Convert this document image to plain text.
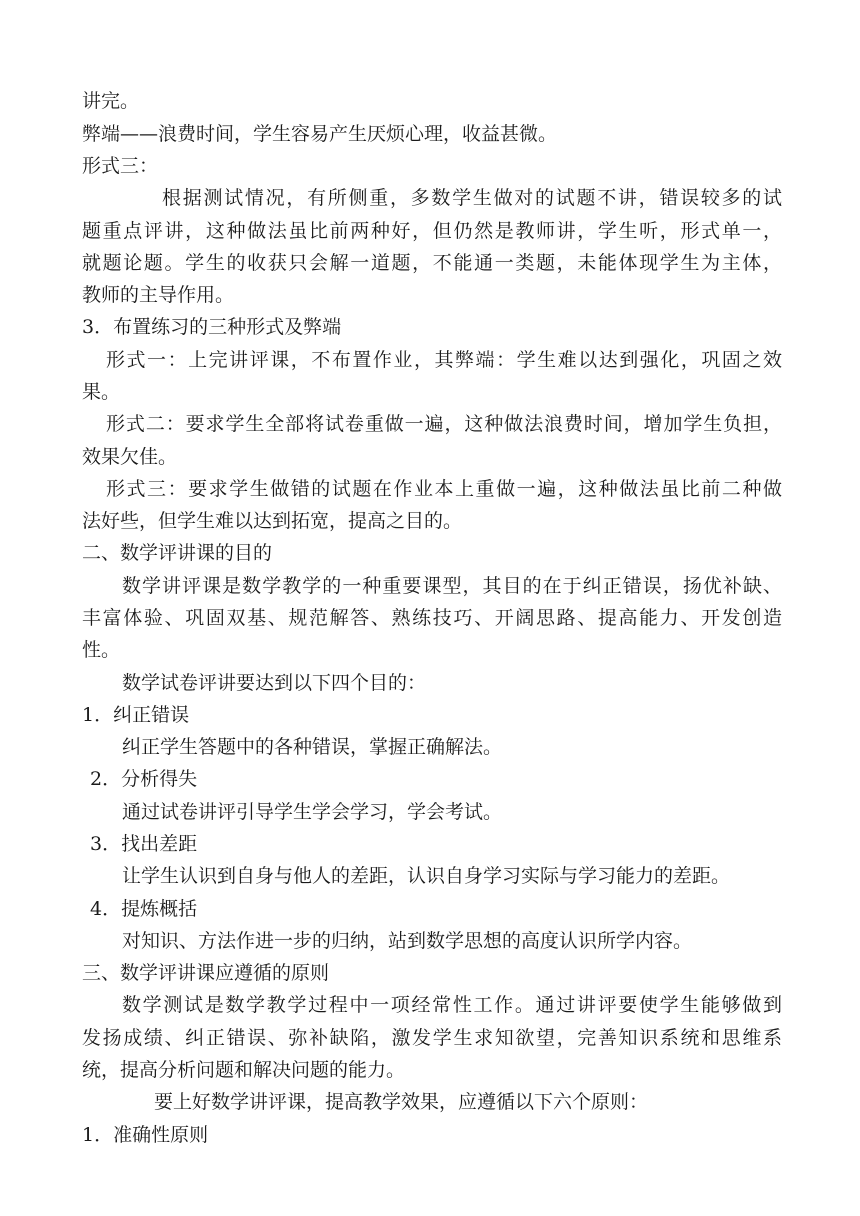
讲完。
弊端——浪费时间，学生容易产生厌烦心理，收益甚微。
形式三：
根据测试情况，有所侧重，多数学生做对的试题不讲，错误较多的试
题重点评讲，这种做法虽比前两种好，但仍然是教师讲，学生听，形式单一，
就题论题。学生的收获只会解一道题，不能通一类题，未能体现学生为主体，
教师的主导作用。
3．布置练习的三种形式及弊端
形式一：上完讲评课，不布置作业，其弊端：学生难以达到强化，巩固之效
果。
形式二：要求学生全部将试卷重做一遍，这种做法浪费时间，增加学生负担，
效果欠佳。
形式三：要求学生做错的试题在作业本上重做一遍，这种做法虽比前二种做
法好些，但学生难以达到拓宽，提高之目的。
二、数学评讲课的目的
数学讲评课是数学教学的一种重要课型，其目的在于纠正错误，扬优补缺、
丰富体验、巩固双基、规范解答、熟练技巧、开阔思路、提高能力、开发创造
性。
数学试卷评讲要达到以下四个目的：
1．纠正错误
纠正学生答题中的各种错误，掌握正确解法。
2．分析得失
通过试卷讲评引导学生学会学习，学会考试。
3．找出差距
让学生认识到自身与他人的差距，认识自身学习实际与学习能力的差距。
4．提炼概括
对知识、方法作进一步的归纳，站到数学思想的高度认识所学内容。
三、数学评讲课应遵循的原则
数学测试是数学教学过程中一项经常性工作。通过讲评要使学生能够做到
发扬成绩、纠正错误、弥补缺陷，激发学生求知欲望，完善知识系统和思维系
统，提高分析问题和解决问题的能力。
要上好数学讲评课，提高教学效果，应遵循以下六个原则：
1．准确性原则
